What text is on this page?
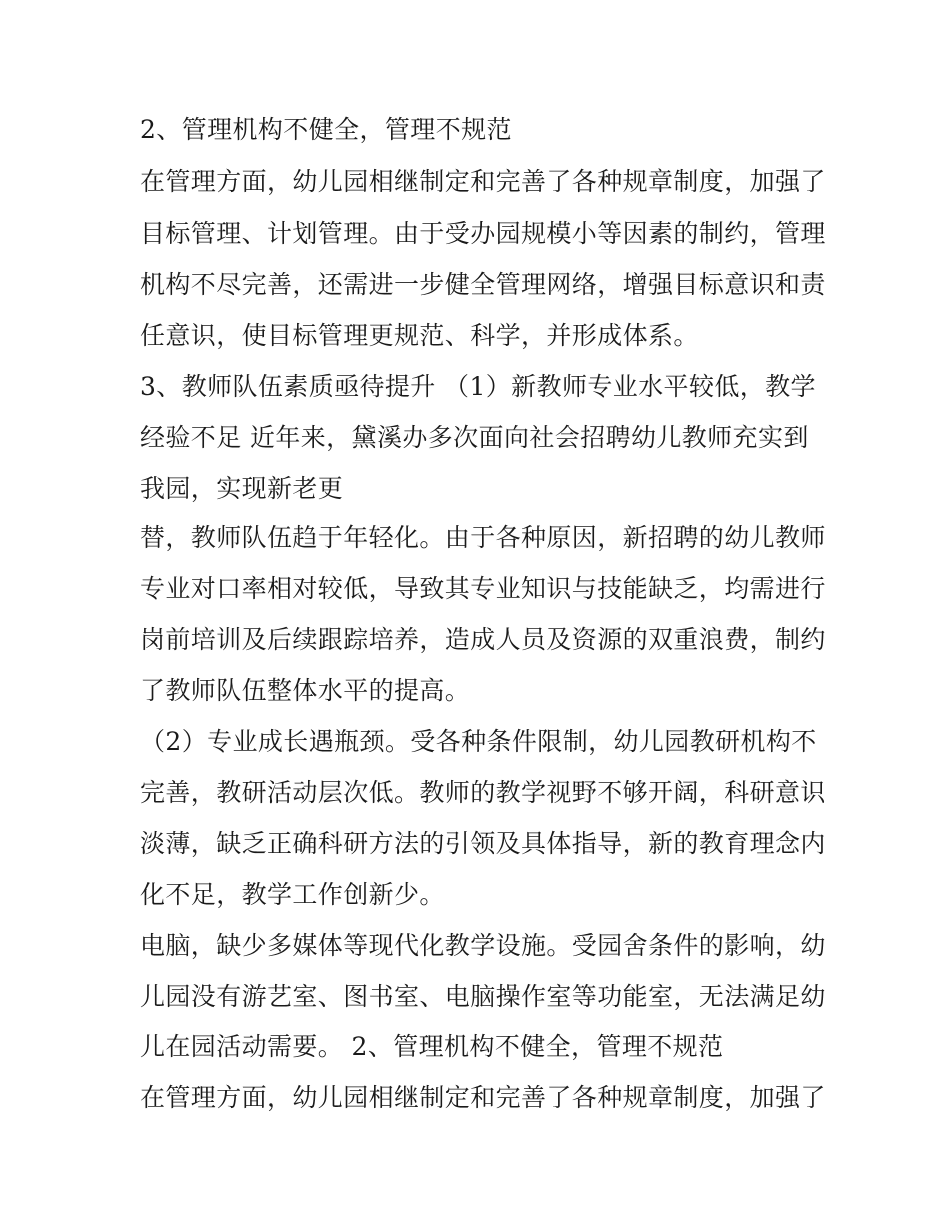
2、管理机构不健全，管理不规范
在管理方面，幼儿园相继制定和完善了各种规章制度，加强了
目标管理、计划管理。由于受办园规模小等因素的制约，管理
机构不尽完善，还需进一步健全管理网络，增强目标意识和责
任意识，使目标管理更规范、科学，并形成体系。
3、教师队伍素质亟待提升 （1）新教师专业水平较低，教学
经验不足 近年来，黛溪办多次面向社会招聘幼儿教师充实到
我园，实现新老更
替，教师队伍趋于年轻化。由于各种原因，新招聘的幼儿教师
专业对口率相对较低，导致其专业知识与技能缺乏，均需进行
岗前培训及后续跟踪培养，造成人员及资源的双重浪费，制约
了教师队伍整体水平的提高。
（2）专业成长遇瓶颈。受各种条件限制，幼儿园教研机构不
完善，教研活动层次低。教师的教学视野不够开阔，科研意识
淡薄，缺乏正确科研方法的引领及具体指导，新的教育理念内
化不足，教学工作创新少。
电脑，缺少多媒体等现代化教学设施。受园舍条件的影响，幼
儿园没有游艺室、图书室、电脑操作室等功能室，无法满足幼
儿在园活动需要。 2、管理机构不健全，管理不规范
在管理方面，幼儿园相继制定和完善了各种规章制度，加强了
